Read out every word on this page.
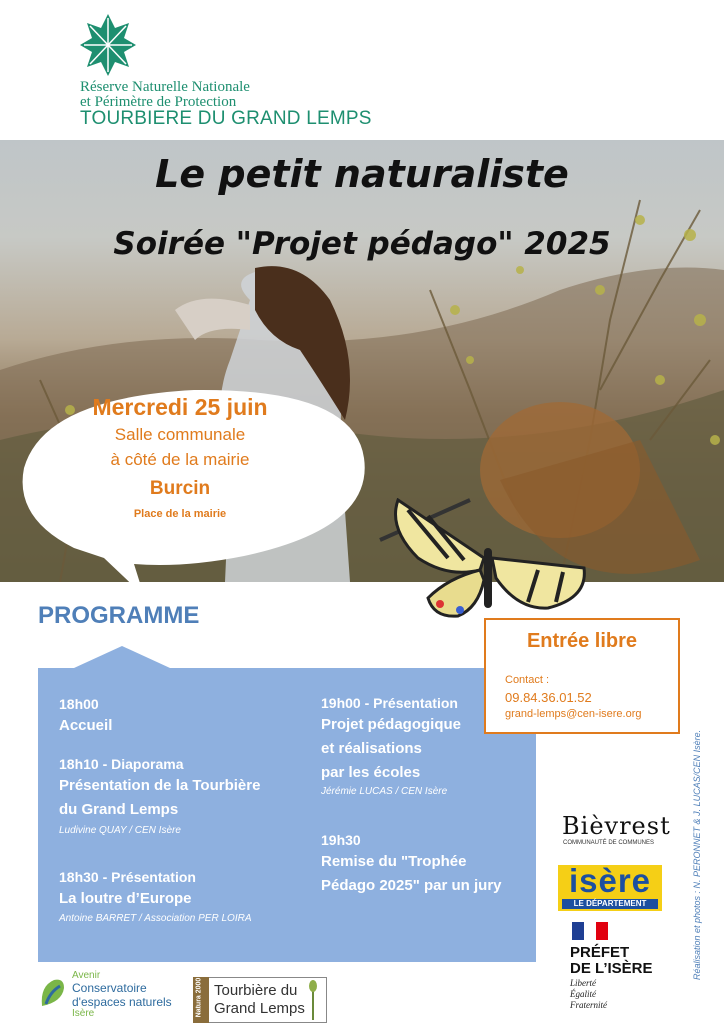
Réserve Naturelle Nationale
et Périmètre de Protection
TOURBIERE DU GRAND LEMPS
Le petit naturaliste
Soirée "Projet pédago" 2025
Mercredi 25 juin
Salle communale
à côté de la mairie
Burcin
Place de la mairie
PROGRAMME
18h00
Accueil
18h10 - Diaporama
Présentation de la Tourbière
du Grand Lemps
Ludivine QUAY / CEN Isère
18h30 - Présentation
La loutre d’Europe
Antoine BARRET / Association PER LOIRA
19h00 - Présentation
Projet pédagogique
et réalisations
par les écoles
Jérémie LUCAS / CEN Isère
19h30
Remise du "Trophée
Pédago 2025" par un jury
Entrée libre
Contact :
09.84.36.01.52
grand-lemps@cen-isere.org
Réalisation et photos : N. PERONNET & J. LUCAS/CEN Isère.
Bièvrest
COMMUNAUTÉ DE COMMUNES
isère
LE DÉPARTEMENT
PRÉFET
DE L’ISÈRE
Liberté
Égalité
Fraternité
Avenir
Conservatoire
d'espaces naturels
Isère	Natura 2000 Tourbière du
Grand Lemps
